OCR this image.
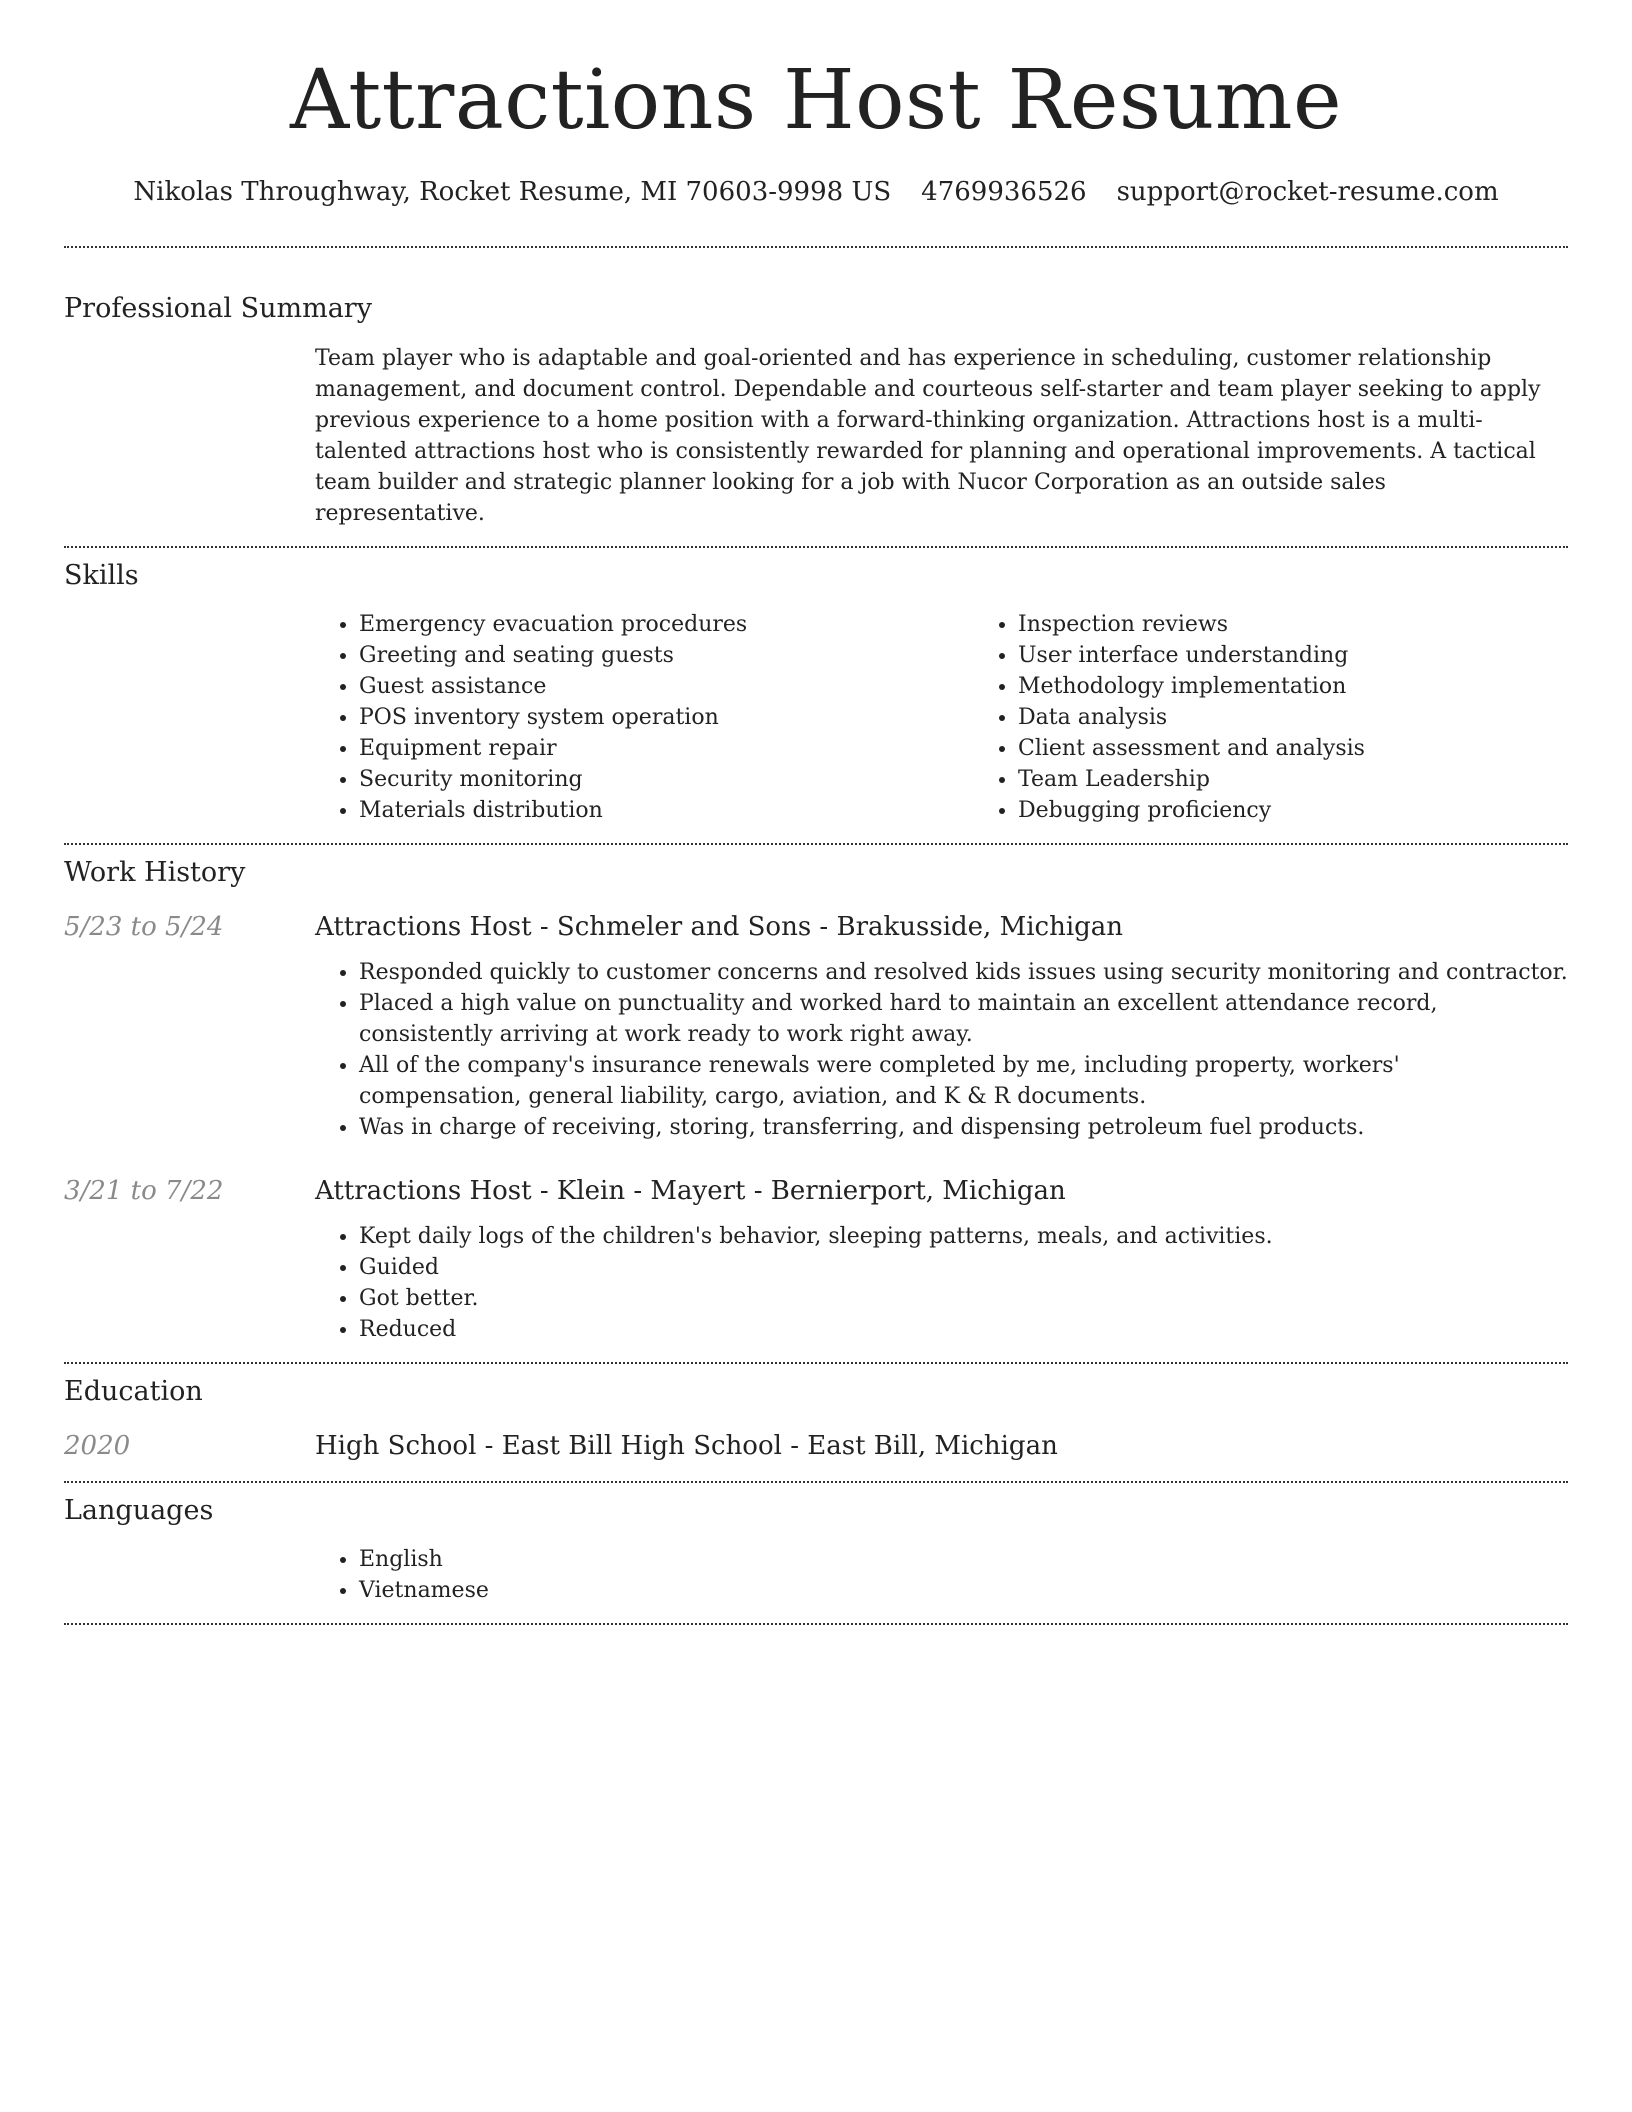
Attractions Host Resume
Nikolas Throughway, Rocket Resume, MI 70603-9998 US 4769936526 support@rocket-resume.com
Professional Summary

Team player who is adaptable and goal-oriented and has experience in scheduling, customer relationship management, and document control. Dependable and courteous self-starter and team player seeking to apply previous experience to a home position with a forward-thinking organization. Attractions host is a multi-talented attractions host who is consistently rewarded for planning and operational improvements. A tactical team builder and strategic planner looking for a job with Nucor Corporation as an outside sales representative.

Skills
• Emergency evacuation procedures
• Greeting and seating guests
• Guest assistance
• POS inventory system operation
• Equipment repair
• Security monitoring
• Materials distribution
• Inspection reviews
• User interface understanding
• Methodology implementation
• Data analysis
• Client assessment and analysis
• Team Leadership
• Debugging proficiency
Work History
5/23 to 5/24	Attractions Host - Schmeler and Sons - Brakusside, Michigan
• Responded quickly to customer concerns and resolved kids issues using security monitoring and contractor.
• Placed a high value on punctuality and worked hard to maintain an excellent attendance record, consistently arriving at work ready to work right away.
• All of the company's insurance renewals were completed by me, including property, workers' compensation, general liability, cargo, aviation, and K & R documents.
• Was in charge of receiving, storing, transferring, and dispensing petroleum fuel products.
3/21 to 7/22	Attractions Host - Klein - Mayert - Bernierport, Michigan
• Kept daily logs of the children's behavior, sleeping patterns, meals, and activities.
• Guided
• Got better.
• Reduced
Education
2020	High School - East Bill High School - East Bill, Michigan
Languages
• English
• Vietnamese
